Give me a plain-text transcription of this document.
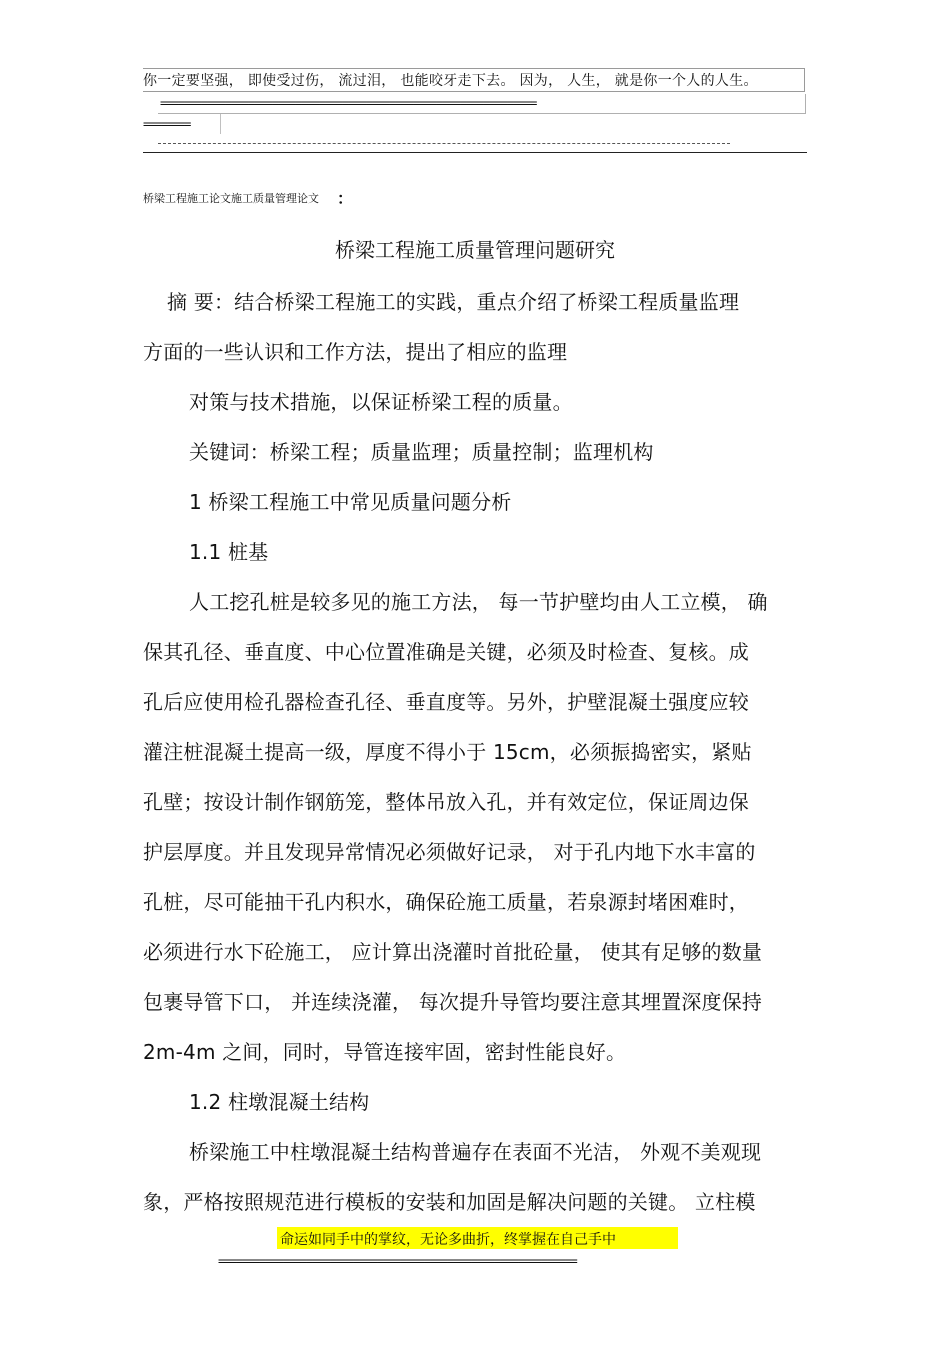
你一定要坚强， 即使受过伤， 流过泪， 也能咬牙走下去。 因为， 人生， 就是你一个人的人生。
================================================================
========
桥梁工程施工论文施工质量管理论文 ：
桥梁工程施工质量管理问题研究
摘 要：结合桥梁工程施工的实践，重点介绍了桥梁工程质量监理
方面的一些认识和工作方法，提出了相应的监理
对策与技术措施，以保证桥梁工程的质量。
关键词：桥梁工程；质量监理；质量控制；监理机构
1 桥梁工程施工中常见质量问题分析
1.1 桩基
人工挖孔桩是较多见的施工方法， 每一节护壁均由人工立模， 确
保其孔径、垂直度、中心位置准确是关键，必须及时检查、复核。成
孔后应使用检孔器检查孔径、垂直度等。另外，护壁混凝土强度应较
灌注桩混凝土提高一级，厚度不得小于 15cm，必须振捣密实，紧贴
孔壁；按设计制作钢筋笼，整体吊放入孔，并有效定位，保证周边保
护层厚度。并且发现异常情况必须做好记录， 对于孔内地下水丰富的
孔桩，尽可能抽干孔内积水，确保砼施工质量，若泉源封堵困难时，
必须进行水下砼施工， 应计算出浇灌时首批砼量， 使其有足够的数量
包裹导管下口， 并连续浇灌， 每次提升导管均要注意其埋置深度保持
2m-4m 之间，同时，导管连接牢固，密封性能良好。
1.2 柱墩混凝土结构
桥梁施工中柱墩混凝土结构普遍存在表面不光洁， 外观不美观现
象，严格按照规范进行模板的安装和加固是解决问题的关键。 立柱模
命运如同手中的掌纹，无论多曲折，终掌握在自己手中
=============================================================
